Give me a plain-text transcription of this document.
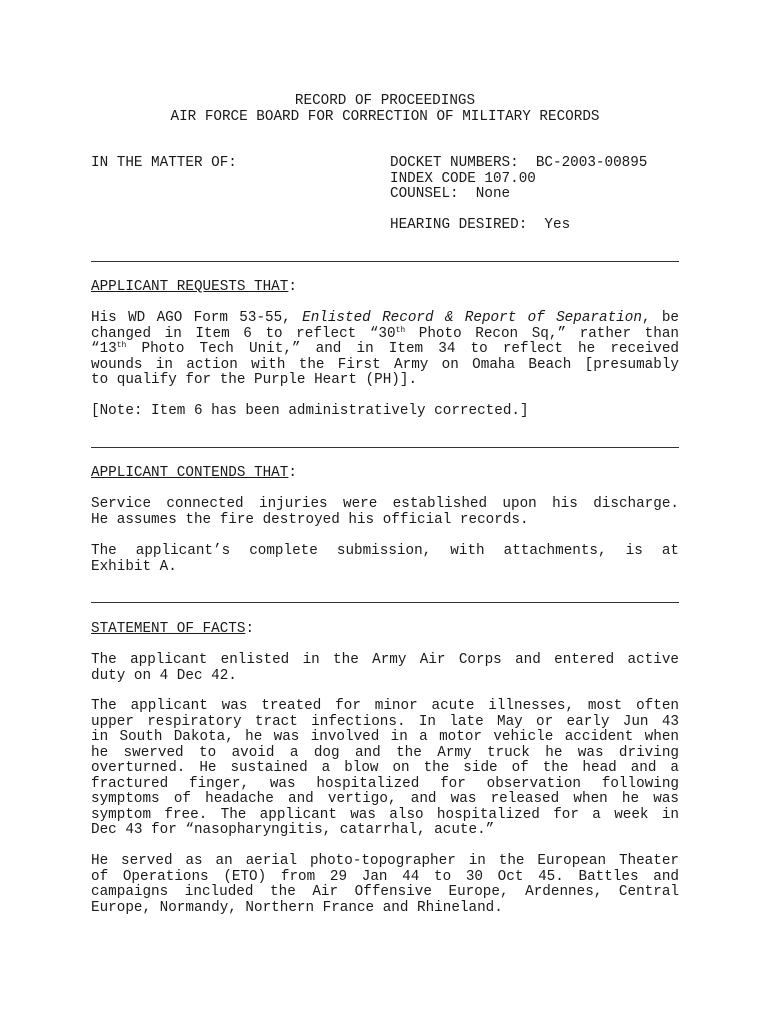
RECORD OF PROCEEDINGS
AIR FORCE BOARD FOR CORRECTION OF MILITARY RECORDS
IN THE MATTER OF:	DOCKET NUMBERS:  BC-2003-00895
INDEX CODE 107.00
COUNSEL:  None
HEARING DESIRED:  Yes
APPLICANT REQUESTS THAT:
His WD AGO Form 53-55, Enlisted Record & Report of Separation, be
changed in Item 6 to reflect “30th Photo Recon Sq,” rather than
“13th Photo Tech Unit,” and in Item 34 to reflect he received
wounds in action with the First Army on Omaha Beach [presumably
to qualify for the Purple Heart (PH)].
[Note: Item 6 has been administratively corrected.]
APPLICANT CONTENDS THAT:
Service connected injuries were established upon his discharge.
He assumes the fire destroyed his official records.
The applicant’s complete submission, with attachments, is at
Exhibit A.
STATEMENT OF FACTS:
The applicant enlisted in the Army Air Corps and entered active
duty on 4 Dec 42.
The applicant was treated for minor acute illnesses, most often
upper respiratory tract infections. In late May or early Jun 43
in South Dakota, he was involved in a motor vehicle accident when
he swerved to avoid a dog and the Army truck he was driving
overturned. He sustained a blow on the side of the head and a
fractured finger, was hospitalized for observation following
symptoms of headache and vertigo, and was released when he was
symptom free. The applicant was also hospitalized for a week in
Dec 43 for “nasopharyngitis, catarrhal, acute.”
He served as an aerial photo-topographer in the European Theater
of Operations (ETO) from 29 Jan 44 to 30 Oct 45. Battles and
campaigns included the Air Offensive Europe, Ardennes, Central
Europe, Normandy, Northern France and Rhineland.
